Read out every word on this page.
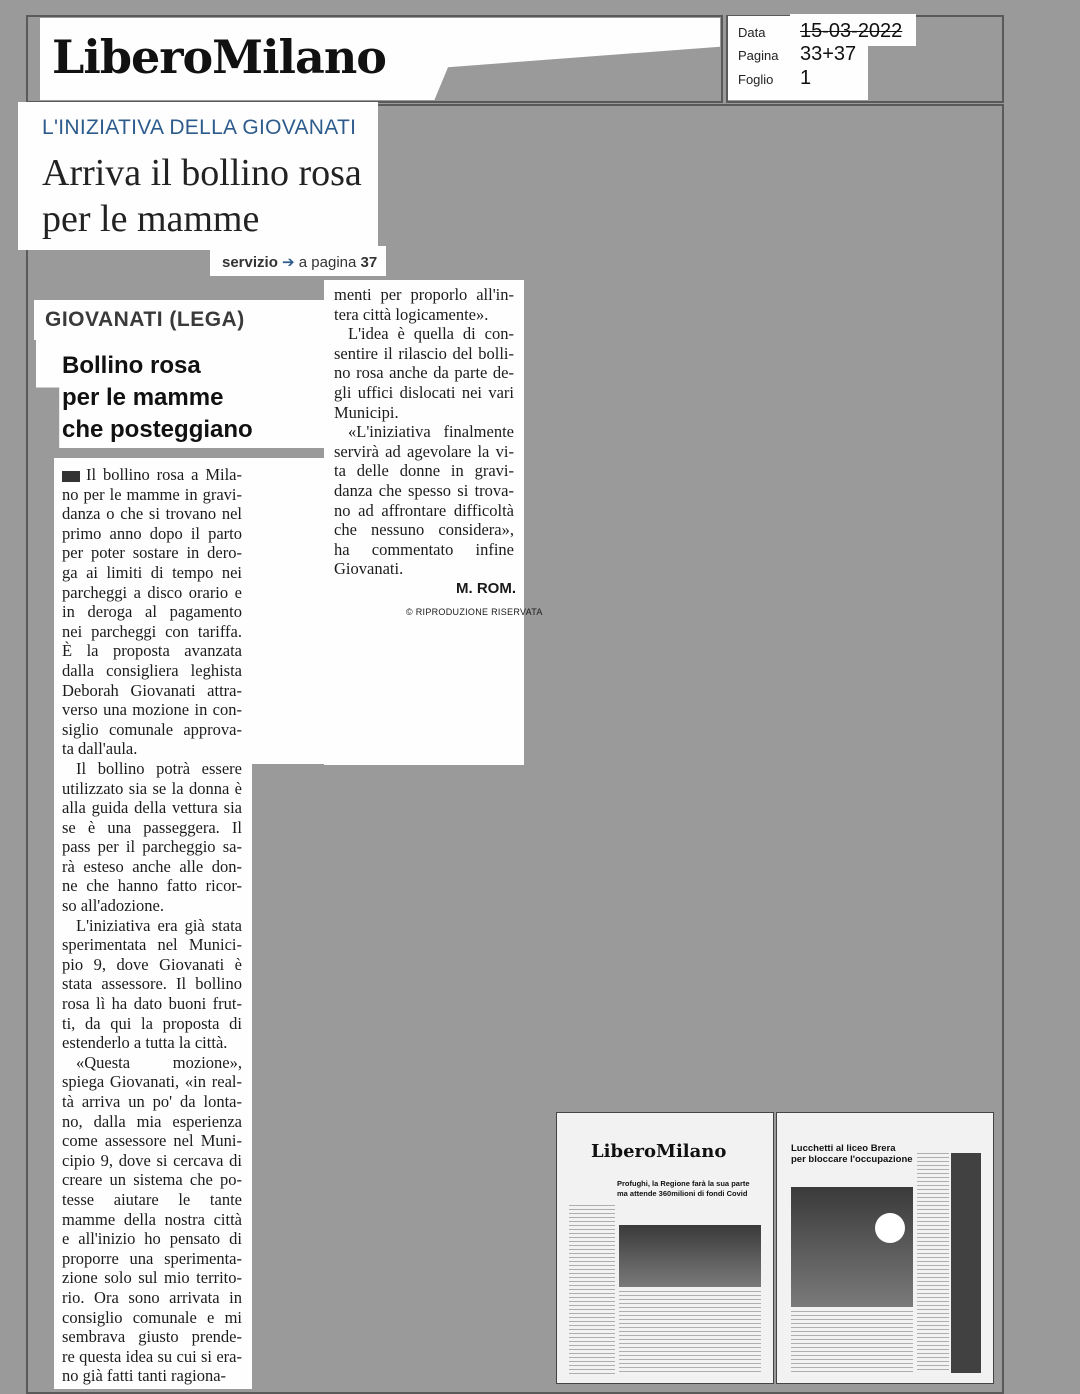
LiberoMilano	Data 15-03-2022
Pagina 33+37
Foglio 1
L'INIZIATIVA DELLA GIOVANATI
Arriva il bollino rosa
per le mamme
servizio ➔ a pagina 37
GIOVANATI (LEGA)
Bollino rosa
per le mamme
che posteggiano
Il bollino rosa a Mila-
no per le mamme in gravi-
danza o che si trovano nel
primo anno dopo il parto
per poter sostare in dero-
ga ai limiti di tempo nei
parcheggi a disco orario e
in deroga al pagamento
nei parcheggi con tariffa.
È la proposta avanzata
dalla consigliera leghista
Deborah Giovanati attra-
verso una mozione in con-
siglio comunale approva-
ta dall'aula.
Il bollino potrà essere
utilizzato sia se la donna è
alla guida della vettura sia
se è una passeggera. Il
pass per il parcheggio sa-
rà esteso anche alle don-
ne che hanno fatto ricor-
so all'adozione.
L'iniziativa era già stata
sperimentata nel Munici-
pio 9, dove Giovanati è
stata assessore. Il bollino
rosa lì ha dato buoni frut-
ti, da qui la proposta di
estenderlo a tutta la città.
«Questa mozione»,
spiega Giovanati, «in real-
tà arriva un po' da lonta-
no, dalla mia esperienza
come assessore nel Muni-
cipio 9, dove si cercava di
creare un sistema che po-
tesse aiutare le tante
mamme della nostra città
e all'inizio ho pensato di
proporre una sperimenta-
zione solo sul mio territo-
rio. Ora sono arrivata in
consiglio comunale e mi
sembrava giusto prende-
re questa idea su cui si era-
no già fatti tanti ragiona-
menti per proporlo all'in-
tera città logicamente».
L'idea è quella di con-
sentire il rilascio del bolli-
no rosa anche da parte de-
gli uffici dislocati nei vari
Municipi.
«L'iniziativa finalmente
servirà ad agevolare la vi-
ta delle donne in gravi-
danza che spesso si trova-
no ad affrontare difficoltà
che nessuno considera»,
ha commentato infine
Giovanati.
M. ROM.
© RIPRODUZIONE RISERVATA
LiberoMilano
Profughi, la Regione farà la sua parte
ma attende 360milioni di fondi Covid
Lucchetti al liceo Brera
per bloccare l'occupazione
